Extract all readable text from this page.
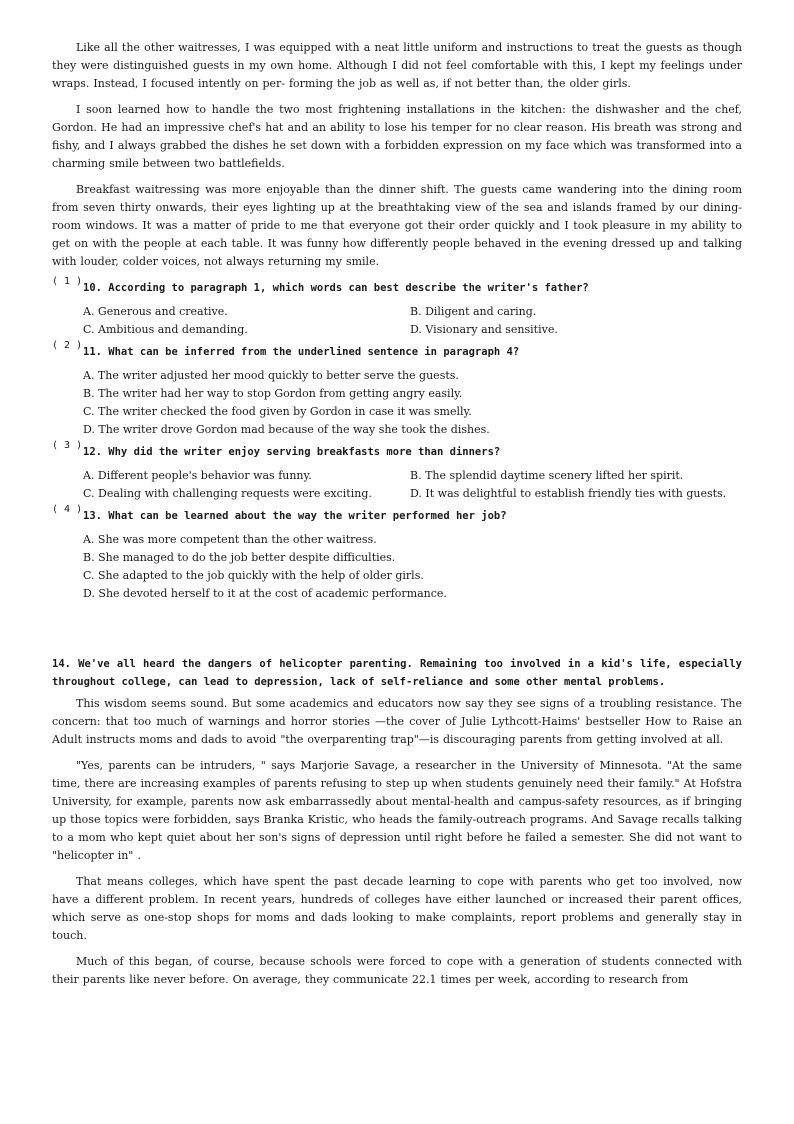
Like all the other waitresses, I was equipped with a neat little uniform and instructions to treat the guests as though they were distinguished guests in my own home. Although I did not feel comfortable with this, I kept my feelings under wraps. Instead, I focused intently on per- forming the job as well as, if not better than, the older girls.

I soon learned how to handle the two most frightening installations in the kitchen: the dishwasher and the chef, Gordon. He had an impressive chef's hat and an ability to lose his temper for no clear reason. His breath was strong and fishy, and I always grabbed the dishes he set down with a forbidden expression on my face which was transformed into a charming smile between two battlefields.

Breakfast waitressing was more enjoyable than the dinner shift. The guests came wandering into the dining room from seven thirty onwards, their eyes lighting up at the breathtaking view of the sea and islands framed by our dining-room windows. It was a matter of pride to me that everyone got their order quickly and I took pleasure in my ability to get on with the people at each table. It was funny how differently people behaved in the evening dressed up and talking with louder, colder voices, not always returning my smile.

( 1 )

10. According to paragraph 1, which words can best describe the writer's father?

A. Generous and creative.	B. Diligent and caring.

C. Ambitious and demanding.	D. Visionary and sensitive.

( 2 )

11. What can be inferred from the underlined sentence in paragraph 4?

A. The writer adjusted her mood quickly to better serve the guests.

B. The writer had her way to stop Gordon from getting angry easily.

C. The writer checked the food given by Gordon in case it was smelly.

D. The writer drove Gordon mad because of the way she took the dishes.

( 3 )

12. Why did the writer enjoy serving breakfasts more than dinners?

A. Different people's behavior was funny.	B. The splendid daytime scenery lifted her spirit.

C. Dealing with challenging requests were exciting.	D. It was delightful to establish friendly ties with guests.

( 4 )

13. What can be learned about the way the writer performed her job?

A. She was more competent than the other waitress.

B. She managed to do the job better despite difficulties.

C. She adapted to the job quickly with the help of older girls.

D. She devoted herself to it at the cost of academic performance.

14. We've all heard the dangers of helicopter parenting. Remaining too involved in a kid's life, especially throughout college, can lead to depression, lack of self-reliance and some other mental problems.

This wisdom seems sound. But some academics and educators now say they see signs of a troubling resistance. The concern: that too much of warnings and horror stories —the cover of Julie Lythcott-Haims' bestseller How to Raise an Adult instructs moms and dads to avoid "the overparenting trap"—is discouraging parents from getting involved at all.

"Yes, parents can be intruders, " says Marjorie Savage, a researcher in the University of Minnesota. "At the same time, there are increasing examples of parents refusing to step up when students genuinely need their family." At Hofstra University, for example, parents now ask embarrassedly about mental-health and campus-safety resources, as if bringing up those topics were forbidden, says Branka Kristic, who heads the family-outreach programs. And Savage recalls talking to a mom who kept quiet about her son's signs of depression until right before he failed a semester. She did not want to "helicopter in" .

That means colleges, which have spent the past decade learning to cope with parents who get too involved, now have a different problem. In recent years, hundreds of colleges have either launched or increased their parent offices, which serve as one-stop shops for moms and dads looking to make complaints, report problems and generally stay in touch.

Much of this began, of course, because schools were forced to cope with a generation of students connected with their parents like never before. On average, they communicate 22.1 times per week, according to research from
